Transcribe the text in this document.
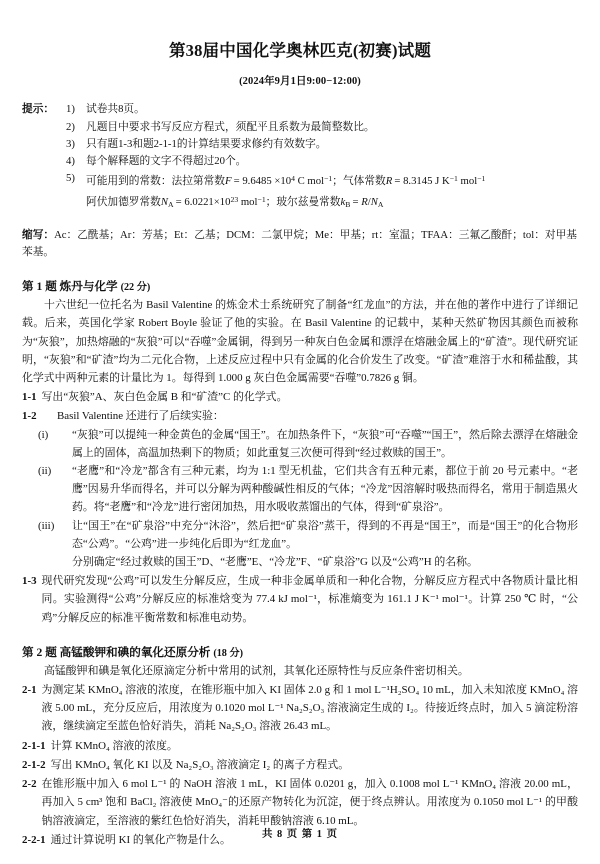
第38届中国化学奥林匹克(初赛)试题
(2024年9月1日9:00−12:00)
提示：	1)	试卷共8页。
2)	凡题目中要求书写反应方程式，须配平且系数为最简整数比。
3)	只有题1-3和题2-1-1的计算结果要求修约有效数字。
4)	每个解释题的文字不得超过20个。
5)	可能用到的常数：法拉第常数$F = 9.6485 \times 10^4$ C mol$^{-1}$；气体常数R = 8.3145 J $K^{-1}$ mol$^{-1}$
阿伏加德罗常数$N_A = 6.0221\times 10^{23}$ mol$^{-1}$；玻尔兹曼常数$k_B = R/N_A$
缩写：Ac：乙酰基；Ar：芳基；Et：乙基；DCM：二氯甲烷；Me：甲基；rt：室温；TFAA：三氟乙酸酐；tol：对甲基苯基。
第 1 题 炼丹与化学 (22 分)
十六世纪一位托名为 Basil Valentine 的炼金术士系统研究了制备“红龙血”的方法，并在他的著作中进行了详细记载。后来，英国化学家 Robert Boyle 验证了他的实验。在 Basil Valentine 的记载中，某种天然矿物因其颜色而被称为“灰狼”，加热熔融的“灰狼”可以“吞噬”金属铜，得到另一种灰白色金属和漂浮在熔融金属上的“矿渣”。现代研究证明，“灰狼”和“矿渣”均为二元化合物，上述反应过程中只有金属的化合价发生了改变。“矿渣”难溶于水和稀盐酸，其化学式中两种元素的计量比为 1。每得到 1.000 g 灰白色金属需要“吞噬”0.7826 g 铜。
1-1 写出“灰狼”A、灰白色金属 B 和“矿渣”C 的化学式。
1-2	Basil Valentine 还进行了后续实验：
(i)	“灰狼”可以提纯一种金黄色的金属“国王”。在加热条件下，“灰狼”可“吞噬”“国王”，然后除去漂浮在熔融金属上的固体，高温加热剩下的物质；如此重复三次便可得到“经过救赎的国王”。
(ii)	“老鹰”和“冷龙”都含有三种元素，均为 1:1 型无机盐，它们共含有五种元素，都位于前 20 号元素中。“老鹰”因易升华而得名，并可以分解为两种酸碱性相反的气体；“冷龙”因溶解时吸热而得名，常用于制造黑火药。将“老鹰”和“冷龙”进行密闭加热，用水吸收蒸馏出的气体，得到“矿泉浴”。
(iii)	让“国王”在“矿泉浴”中充分“沐浴”，然后把“矿泉浴”蒸干，得到的不再是“国王”，而是“国王”的化合物形态“公鸡”。“公鸡”进一步纯化后即为“红龙血”。
分别确定“经过救赎的国王”D、“老鹰”E、“冷龙”F、“矿泉浴”G 以及“公鸡”H 的名称。
1-3 现代研究发现“公鸡”可以发生分解反应，生成一种非金属单质和一种化合物，分解反应方程式中各物质计量比相同。实验测得“公鸡”分解反应的标准焓变为 77.4 kJ mol⁻¹，标准熵变为 161.1 J K⁻¹ mol⁻¹。计算 250 ℃ 时，“公鸡”分解反应的标准平衡常数和标准电动势。
第 2 题 高锰酸钾和碘的氧化还原分析 (18 分)
高锰酸钾和碘是氧化还原滴定分析中常用的试剂，其氧化还原特性与反应条件密切相关。
2-1 为测定某 KMnO₄ 溶液的浓度，在锥形瓶中加入 KI 固体 2.0 g 和 1 mol L⁻¹H₂SO₄ 10 mL，加入未知浓度 KMnO₄ 溶液 5.00 mL，充分反应后，用浓度为 0.1020 mol L⁻¹ Na₂S₂O₃ 溶液滴定生成的 I₂。待接近终点时，加入 5 滴淀粉溶液，继续滴定至蓝色恰好消失，消耗 Na₂S₂O₃ 溶液 26.43 mL。
2-1-1 计算 KMnO₄ 溶液的浓度。
2-1-2 写出 KMnO₄ 氧化 KI 以及 Na₂S₂O₃ 溶液滴定 I₂ 的离子方程式。
2-2 在锥形瓶中加入 6 mol L⁻¹ 的 NaOH 溶液 1 mL，KI 固体 0.0201 g，加入 0.1008 mol L⁻¹ KMnO₄ 溶液 20.00 mL，再加入 5 cm³ 饱和 BaCl₂ 溶液使 MnO₄⁻的还原产物转化为沉淀，便于终点辨认。用浓度为 0.1050 mol L⁻¹ 的甲酸钠溶液滴定，至溶液的紫红色恰好消失，消耗甲酸钠溶液 6.10 mL。
2-2-1 通过计算说明 KI 的氧化产物是什么。	共 8 页 第 1 页
